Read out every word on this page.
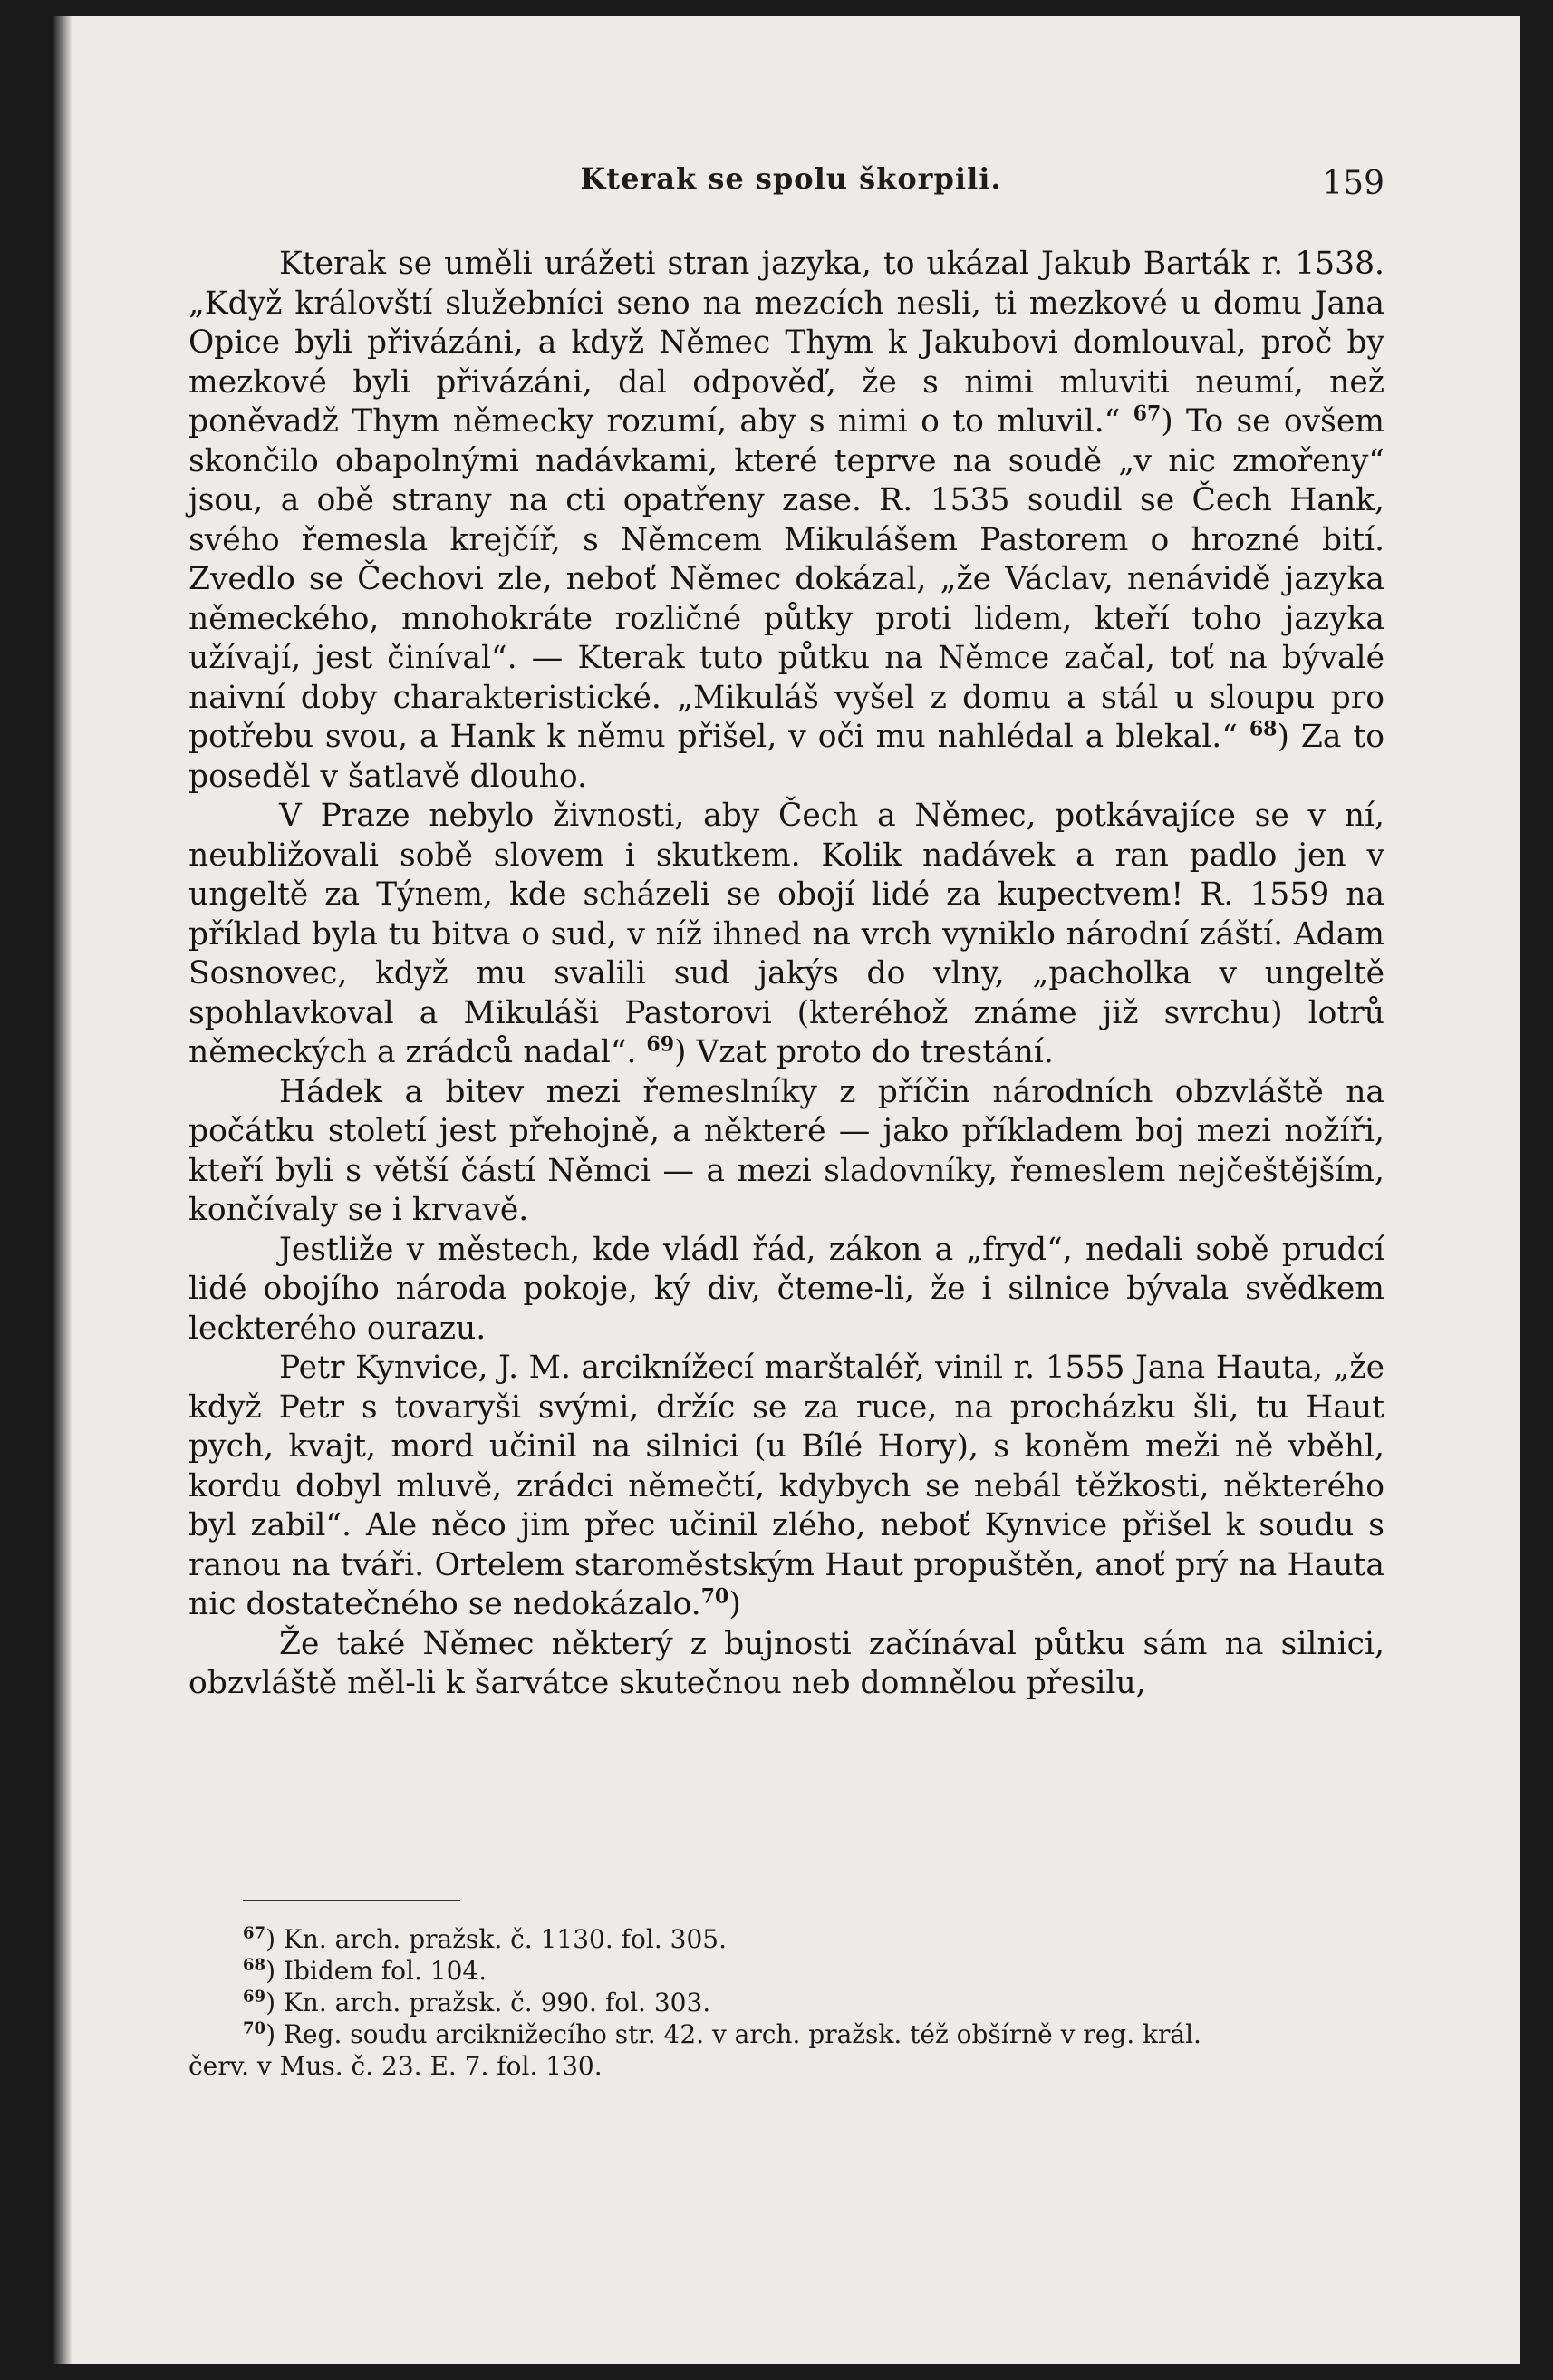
Kterak se spolu škorpili.	159

Kterak se uměli urážeti stran jazyka, to ukázal Jakub Barták r. 1538. „Když královští služebníci seno na mezcích nesli, ti mezkové u domu Jana Opice byli přivázáni, a když Němec Thym k Jakubovi domlouval, proč by mezkové byli přivázáni, dal odpověď, že s nimi mluviti neumí, než poněvadž Thym německy rozumí, aby s nimi o to mluvil.“ $^{67}$) To se ovšem skončilo obapolnými nadávkami, které teprve na soudě „v nic zmořeny“ jsou, a obě strany na cti opatřeny zase. R. 1535 soudil se Čech Hank, svého řemesla krejčíř, s Němcem Mikulášem Pastorem o hrozné bití. Zvedlo se Čechovi zle, neboť Němec dokázal, „že Václav, nenávidě jazyka německého, mnohokráte rozličné půtky proti lidem, kteří toho jazyka užívají, jest činíval“. — Kterak tuto půtku na Němce začal, toť na bývalé naivní doby charakteristické. „Mikuláš vyšel z domu a stál u sloupu pro potřebu svou, a Hank k němu přišel, v oči mu nahlédal a blekal.“ $^{68}$) Za to poseděl v šatlavě dlouho.

V Praze nebylo živnosti, aby Čech a Němec, potkávajíce se v ní, neubližovali sobě slovem i skutkem. Kolik nadávek a ran padlo jen v ungeltě za Týnem, kde scházeli se obojí lidé za kupectvem! R. 1559 na příklad byla tu bitva o sud, v níž ihned na vrch vyniklo národní záští. Adam Sosnovec, když mu svalili sud jakýs do vlny, „pacholka v ungeltě spohlavkoval a Mikuláši Pastorovi (kteréhož známe již svrchu) lotrů německých a zrádců nadal“. $^{69}$) Vzat proto do trestání.

Hádek a bitev mezi řemeslníky z příčin národních obzvláště na počátku století jest přehojně, a některé — jako příkladem boj mezi nožíři, kteří byli s větší částí Němci — a mezi sladovníky, řemeslem nejčeštějším, končívaly se i krvavě.

Jestliže v městech, kde vládl řád, zákon a „fryd“, nedali sobě prudcí lidé obojího národa pokoje, ký div, čteme-li, že i silnice bývala svědkem leckterého ourazu.

Petr Kynvice, J. M. arciknížecí marštaléř, vinil r. 1555 Jana Hauta, „že když Petr s tovaryši svými, držíc se za ruce, na procházku šli, tu Haut pych, kvajt, mord učinil na silnici (u Bílé Hory), s koněm meži ně vběhl, kordu dobyl mluvě, zrádci němečtí, kdybych se nebál těžkosti, některého byl zabil“. Ale něco jim přec učinil zlého, neboť Kynvice přišel k soudu s ranou na tváři. Ortelem staroměstským Haut propuštěn, anoť prý na Hauta nic dostatečného se nedokázalo.$^{70}$)

Že také Němec některý z bujnosti začínával půtku sám na silnici, obzvláště měl-li k šarvátce skutečnou neb domnělou přesilu,

$^{67}$) Kn. arch. pražsk. č. 1130. fol. 305.
$^{68}$) Ibidem fol. 104.
$^{69}$) Kn. arch. pražsk. č. 990. fol. 303.
$^{70}$) Reg. soudu arciknižecího str. 42. v arch. pražsk. též obšírně v reg. král.
červ. v Mus. č. 23. E. 7. fol. 130.
